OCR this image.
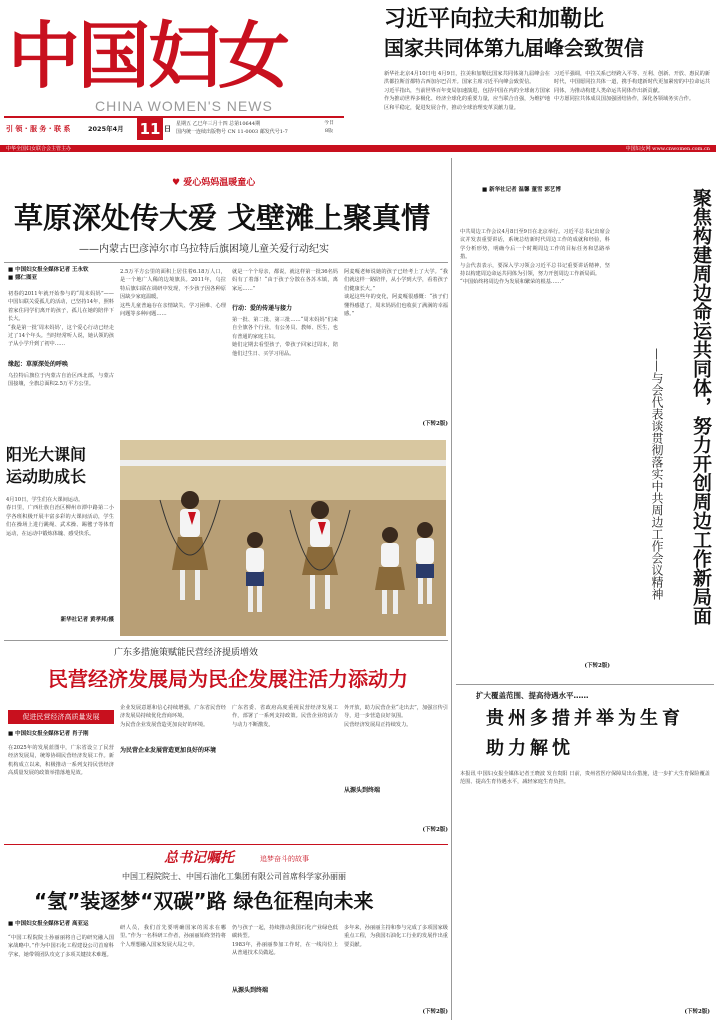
中国妇女
CHINA WOMEN'S NEWS
引 领 · 服 务 · 联 系	2025年4月	11 日
星期五 乙巳年三月十四 总第10644期
国内统一连续出版物号 CN 11-0003 邮发代号1-7
今日
8版
中华全国妇女联合会主管主办	中国妇女网 www.cnwomen.com.cn
习近平向拉夫和加勒比
国家共同体第九届峰会致贺信
新华社北京4月10日电 4月9日，拉美和加勒比国家共同体第九届峰会在洪都拉斯首都特古西加尔巴召开。国家主席习近平向峰会致贺信。
习近平指出，当前世界百年变局加速演进，包括中国在内的全球南方国家作为推动世界多极化、经济全球化的重要力量，应当联合自强，为维护地区和平稳定，促进发展合作，推动全球治理变革贡献力量。
习近平强调，中拉关系已经跨入平等、互利、创新、开放、惠民的新时代，中国愿同拉共体一道，携手构建新时代更加紧密的中拉命运共同体，为推动构建人类命运共同体作出新贡献。
中方愿同拉共体成员国加强团结协作，深化各领域务实合作。
♥ 爱心妈妈温暖童心
草原深处传大爱 戈壁滩上聚真情
——内蒙古巴彦淖尔市乌拉特后旗困境儿童关爱行动纪实
■ 中国妇女报全媒体记者 王永钦
■ 娜仁图亚
初春的2011年就开始参与的“周末妈妈”——中国妇联关爱孤儿的活动，已坚持14年，照料着家住同学们离开的孩子，孤儿在她的陪伴下长大。
“我是第一批‘周末妈妈’，这个爱心行动已经走过了14个年头。当时经常听人说，她认领的孩子从小学升到了初中……
缘起：草原深处的呼唤
乌拉特后旗位于内蒙古自治区西北部，与蒙古国接壤，全旗总面积2.5万平方公里。
2.5万平方公里的面积上居住着6.18万人口，是一个地广人稀的边境旗县。2011年，乌拉特后旗妇联在调研中发现，不少孩子因各种原因缺少家庭温暖。
这些儿童普遍存在亲情缺失、学习困难、心理问题等多种问题……
就是一个个母亲，都说，就这样第一批36名妈妈有了着落！“由于孩子分散在各苏木镇，离家远……”
行动：爱的传递与接力
第一批、第二批、第三批……“周末妈妈”们来自全旗各个行业，有公务员、教师、医生，也有普通的家庭主妇。
她们定期去看望孩子，带孩子回家过周末，陪他们过生日、买学习用品。
阿麦嘎老师说她的孩子已经考上了大学。“我们就这样一路陪伴，从小学到大学，看着孩子们健康长大。”
谈起这些年的变化，阿麦嘎很感慨：“孩子们懂得感恩了，周末妈妈们也收获了满满的幸福感。”
(下转2版)
阳光大课间
运动助成长
4月10日，学生们在大课间运动。
春日里，广西壮族自治区柳州市潭中路第二小学各班积极开展丰富多彩的大课间活动，学生们在操场上进行跳绳、武术操、踢毽子等体育运动，在运动中锻炼体魄、感受快乐。
新华社记者 黄孝邦/摄
广东多措施策赋能民营经济提质增效
民营经济发展局为民企发展注活力添动力
促进民营经济高质量发展
■ 中国妇女报全媒体记者 肖子刚
在2025年的发展蓝图中，广东省设立了民营经济发展局，统筹协调民营经济发展工作。新机构成立以来，积极推动一系列支持民营经济高质量发展的政策举措落地见效。
企业发展意愿和信心持续增强，广东省民营经济发展局持续优化营商环境。
为民营企业发展营造更加良好的环境。
为民营企业发展营造更加良好的环境
广东省委、省政府高度重视民营经济发展工作，部署了一系列支持政策。民营企业的活力与动力不断激发。
外开放，助力民营企业“走出去”，加强宣传引导，进一步营造良好氛围。
民营经济发展局正持续发力。
从源头到终端
(下转2版)
总书记嘱托	追梦奋斗的故事
中国工程院院士、中国石油化工集团有限公司首席科学家孙丽丽
“氢”装逐梦“双碳”路 绿色征程向未来
■ 中国妇女报全媒体记者 高亚运
“中国工程院院士孙丽丽将自己的研究融入国家战略中。”作为中国石化工程建设公司首席科学家，她带领团队攻克了多项关键技术难题。
研人员，我们首先要明确国家的需求在哪里。”作为一名科研工作者，孙丽丽始终坚持将个人理想融入国家发展大局之中。
仍与孩子一起，持续推动我国石化产业绿色低碳转型。
1983年，孙丽丽参加工作时，在一线岗位上从普通技术员做起。
从源头到终端
多年来，孙丽丽主持和参与完成了多项国家级重点工程，为我国石油化工行业的发展作出重要贡献。
(下转2版)
■ 新华社记者 温馨 董雪 郭艺博
中共周边工作会议4月8日至9日在北京举行。习近平总书记出席会议并发表重要讲话，系统总结新时代周边工作的成就和经验，科学分析形势，明确今后一个时期周边工作的目标任务和思路举措。
与会代表表示，要深入学习领会习近平总书记重要讲话精神，坚持以构建周边命运共同体为引领，努力开创周边工作新局面。
“中国始终将周边作为发展和繁荣的根基……”	聚焦构建周边命运共同体，努力开创周边工作新局面
——与会代表谈贯彻落实中共周边工作会议精神
(下转2版)
扩大覆盖范围、提高待遇水平……
贵州多措并举为生育助力解忧
本报讯 中国妇女报全媒体记者王晓波 发自贵阳 日前，贵州省医疗保障局出台措施，进一步扩大生育保险覆盖范围、提高生育待遇水平，减轻家庭生育负担。
(下转2版)
